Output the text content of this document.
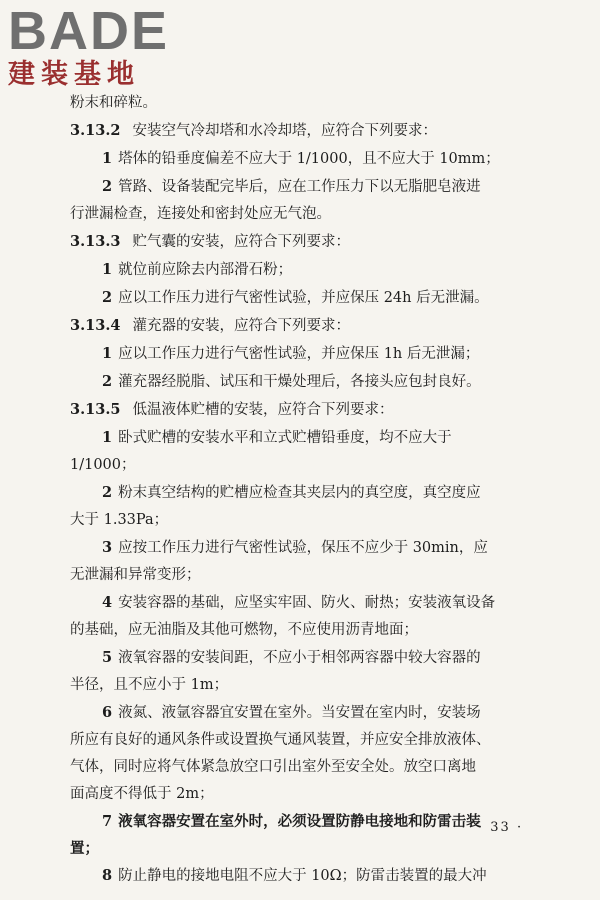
BADE
建装基地
粉末和碎粒。
3.13.2 安装空气冷却塔和水冷却塔，应符合下列要求：
1 塔体的铅垂度偏差不应大于 1/1000，且不应大于 10mm；
2 管路、设备装配完毕后，应在工作压力下以无脂肥皂液进
行泄漏检查，连接处和密封处应无气泡。
3.13.3 贮气囊的安装，应符合下列要求：
1 就位前应除去内部滑石粉；
2 应以工作压力进行气密性试验，并应保压 24h 后无泄漏。
3.13.4 灌充器的安装，应符合下列要求：
1 应以工作压力进行气密性试验，并应保压 1h 后无泄漏；
2 灌充器经脱脂、试压和干燥处理后，各接头应包封良好。
3.13.5 低温液体贮槽的安装，应符合下列要求：
1 卧式贮槽的安装水平和立式贮槽铅垂度，均不应大于
1/1000；
2 粉末真空结构的贮槽应检查其夹层内的真空度，真空度应
大于 1.33Pa；
3 应按工作压力进行气密性试验，保压不应少于 30min，应
无泄漏和异常变形；
4 安装容器的基础，应坚实牢固、防火、耐热；安装液氧设备
的基础，应无油脂及其他可燃物，不应使用沥青地面；
5 液氧容器的安装间距，不应小于相邻两容器中较大容器的
半径，且不应小于 1m；
6 液氮、液氩容器宜安置在室外。当安置在室内时，安装场
所应有良好的通风条件或设置换气通风装置，并应安全排放液体、
气体，同时应将气体紧急放空口引出室外至安全处。放空口离地
面高度不得低于 2m；
7 液氧容器安置在室外时，必须设置防静电接地和防雷击装
置；
8 防止静电的接地电阻不应大于 10Ω；防雷击装置的最大冲
· 33 ·
